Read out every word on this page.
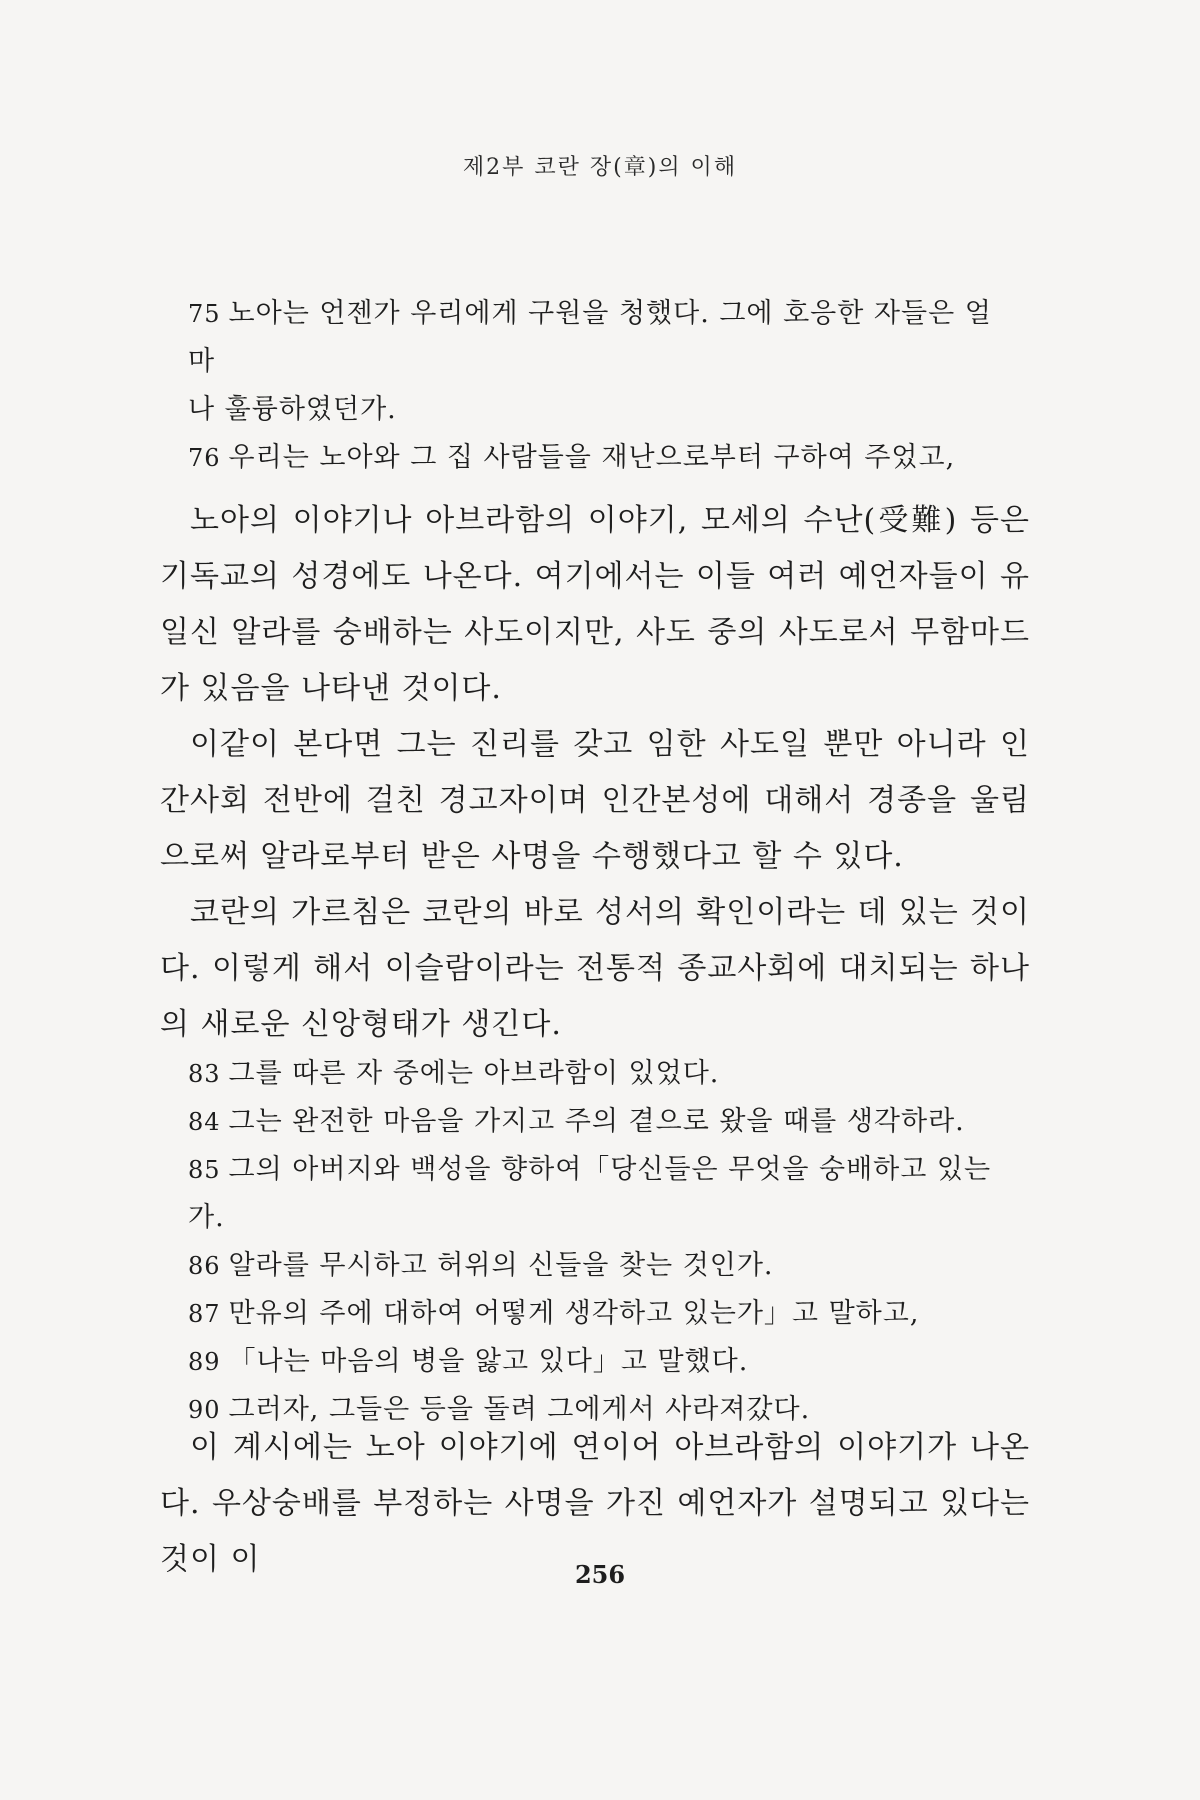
제2부 코란 장(章)의 이해

75 노아는 언젠가 우리에게 구원을 청했다. 그에 호응한 자들은 얼마
나 훌륭하였던가.

76 우리는 노아와 그 집 사람들을 재난으로부터 구하여 주었고,

노아의 이야기나 아브라함의 이야기, 모세의 수난(受難) 등은 기독교의 성경에도 나온다. 여기에서는 이들 여러 예언자들이 유일신 알라를 숭배하는 사도이지만, 사도 중의 사도로서 무함마드가 있음을 나타낸 것이다.

이같이 본다면 그는 진리를 갖고 임한 사도일 뿐만 아니라 인간사회 전반에 걸친 경고자이며 인간본성에 대해서 경종을 울림으로써 알라로부터 받은 사명을 수행했다고 할 수 있다.

코란의 가르침은 코란의 바로 성서의 확인이라는 데 있는 것이다. 이렇게 해서 이슬람이라는 전통적 종교사회에 대치되는 하나의 새로운 신앙형태가 생긴다.

83 그를 따른 자 중에는 아브라함이 있었다.

84 그는 완전한 마음을 가지고 주의 곁으로 왔을 때를 생각하라.

85 그의 아버지와 백성을 향하여「당신들은 무엇을 숭배하고 있는가.

86 알라를 무시하고 허위의 신들을 찾는 것인가.

87 만유의 주에 대하여 어떻게 생각하고 있는가」고 말하고,

89 「나는 마음의 병을 앓고 있다」고 말했다.

90 그러자, 그들은 등을 돌려 그에게서 사라져갔다.

이 계시에는 노아 이야기에 연이어 아브라함의 이야기가 나온다. 우상숭배를 부정하는 사명을 가진 예언자가 설명되고 있다는 것이 이	256
